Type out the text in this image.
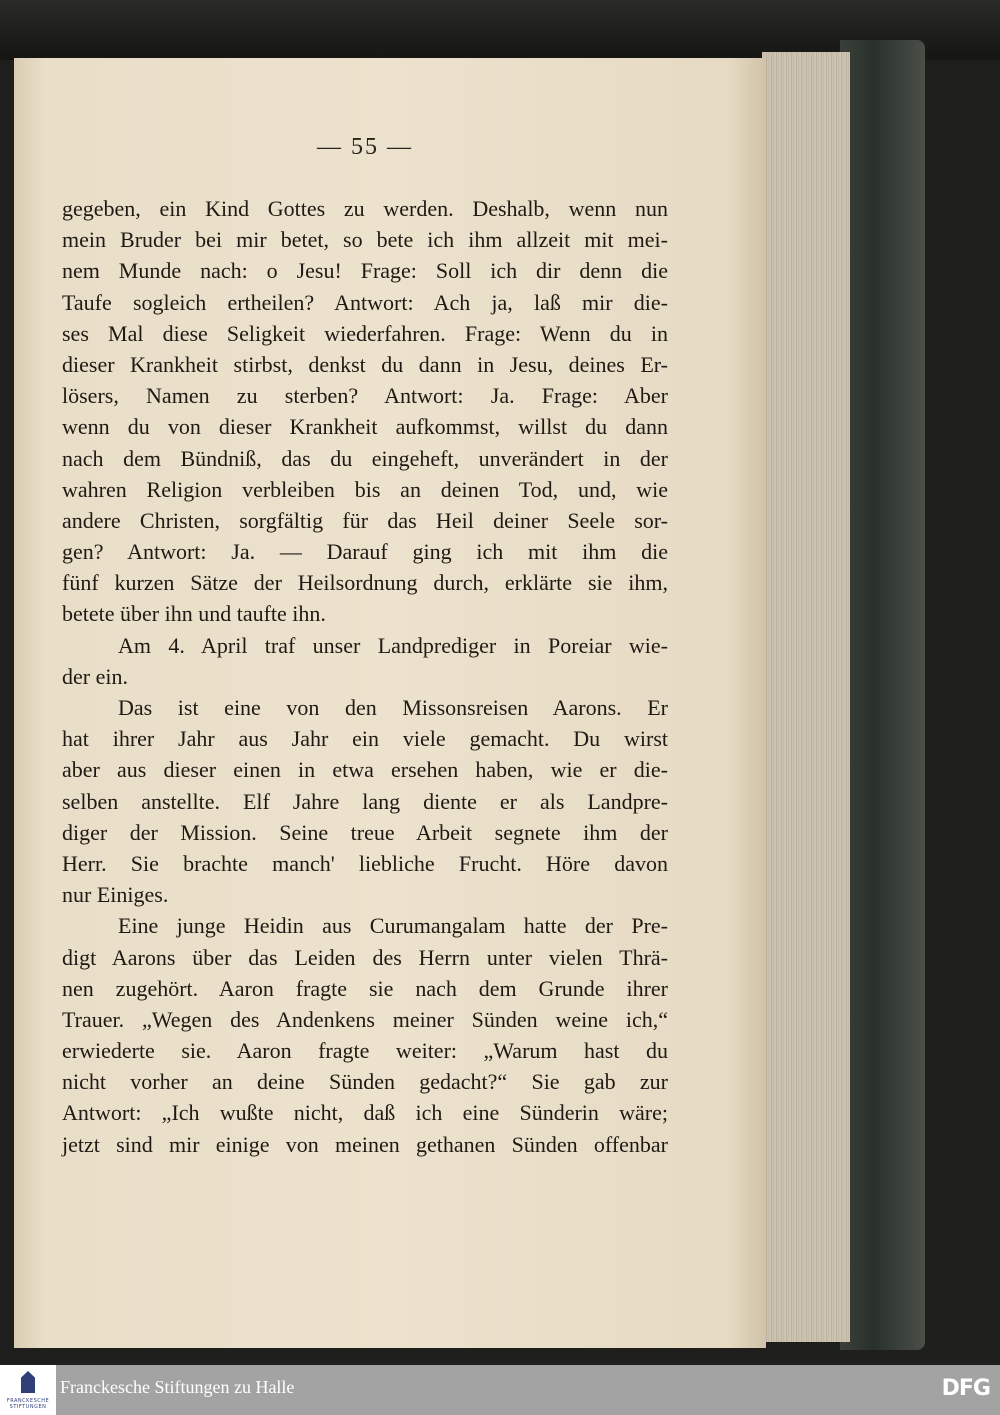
— 55 —
gegeben, ein Kind Gottes zu werden. Deshalb, wenn nun
mein Bruder bei mir betet, so bete ich ihm allzeit mit mei-
nem Munde nach: o Jesu! Frage: Soll ich dir denn die
Taufe sogleich ertheilen? Antwort: Ach ja, laß mir die-
ses Mal diese Seligkeit wiederfahren. Frage: Wenn du in
dieser Krankheit stirbst, denkst du dann in Jesu, deines Er-
lösers, Namen zu sterben? Antwort: Ja. Frage: Aber
wenn du von dieser Krankheit aufkommst, willst du dann
nach dem Bündniß, das du eingeheft, unverändert in der
wahren Religion verbleiben bis an deinen Tod, und, wie
andere Christen, sorgfältig für das Heil deiner Seele sor-
gen? Antwort: Ja. — Darauf ging ich mit ihm die
fünf kurzen Sätze der Heilsordnung durch, erklärte sie ihm,
betete über ihn und taufte ihn.
Am 4. April traf unser Landprediger in Poreiar wie-
der ein.
Das ist eine von den Missonsreisen Aarons. Er
hat ihrer Jahr aus Jahr ein viele gemacht. Du wirst
aber aus dieser einen in etwa ersehen haben, wie er die-
selben anstellte. Elf Jahre lang diente er als Landpre-
diger der Mission. Seine treue Arbeit segnete ihm der
Herr. Sie brachte manch' liebliche Frucht. Höre davon
nur Einiges.
Eine junge Heidin aus Curumangalam hatte der Pre-
digt Aarons über das Leiden des Herrn unter vielen Thrä-
nen zugehört. Aaron fragte sie nach dem Grunde ihrer
Trauer. „Wegen des Andenkens meiner Sünden weine ich,“
erwiederte sie. Aaron fragte weiter: „Warum hast du
nicht vorher an deine Sünden gedacht?“ Sie gab zur
Antwort: „Ich wußte nicht, daß ich eine Sünderin wäre;
jetzt sind mir einige von meinen gethanen Sünden offenbar
FRANCKESCHE STIFTUNGEN
Franckesche Stiftungen zu Halle	DFG
